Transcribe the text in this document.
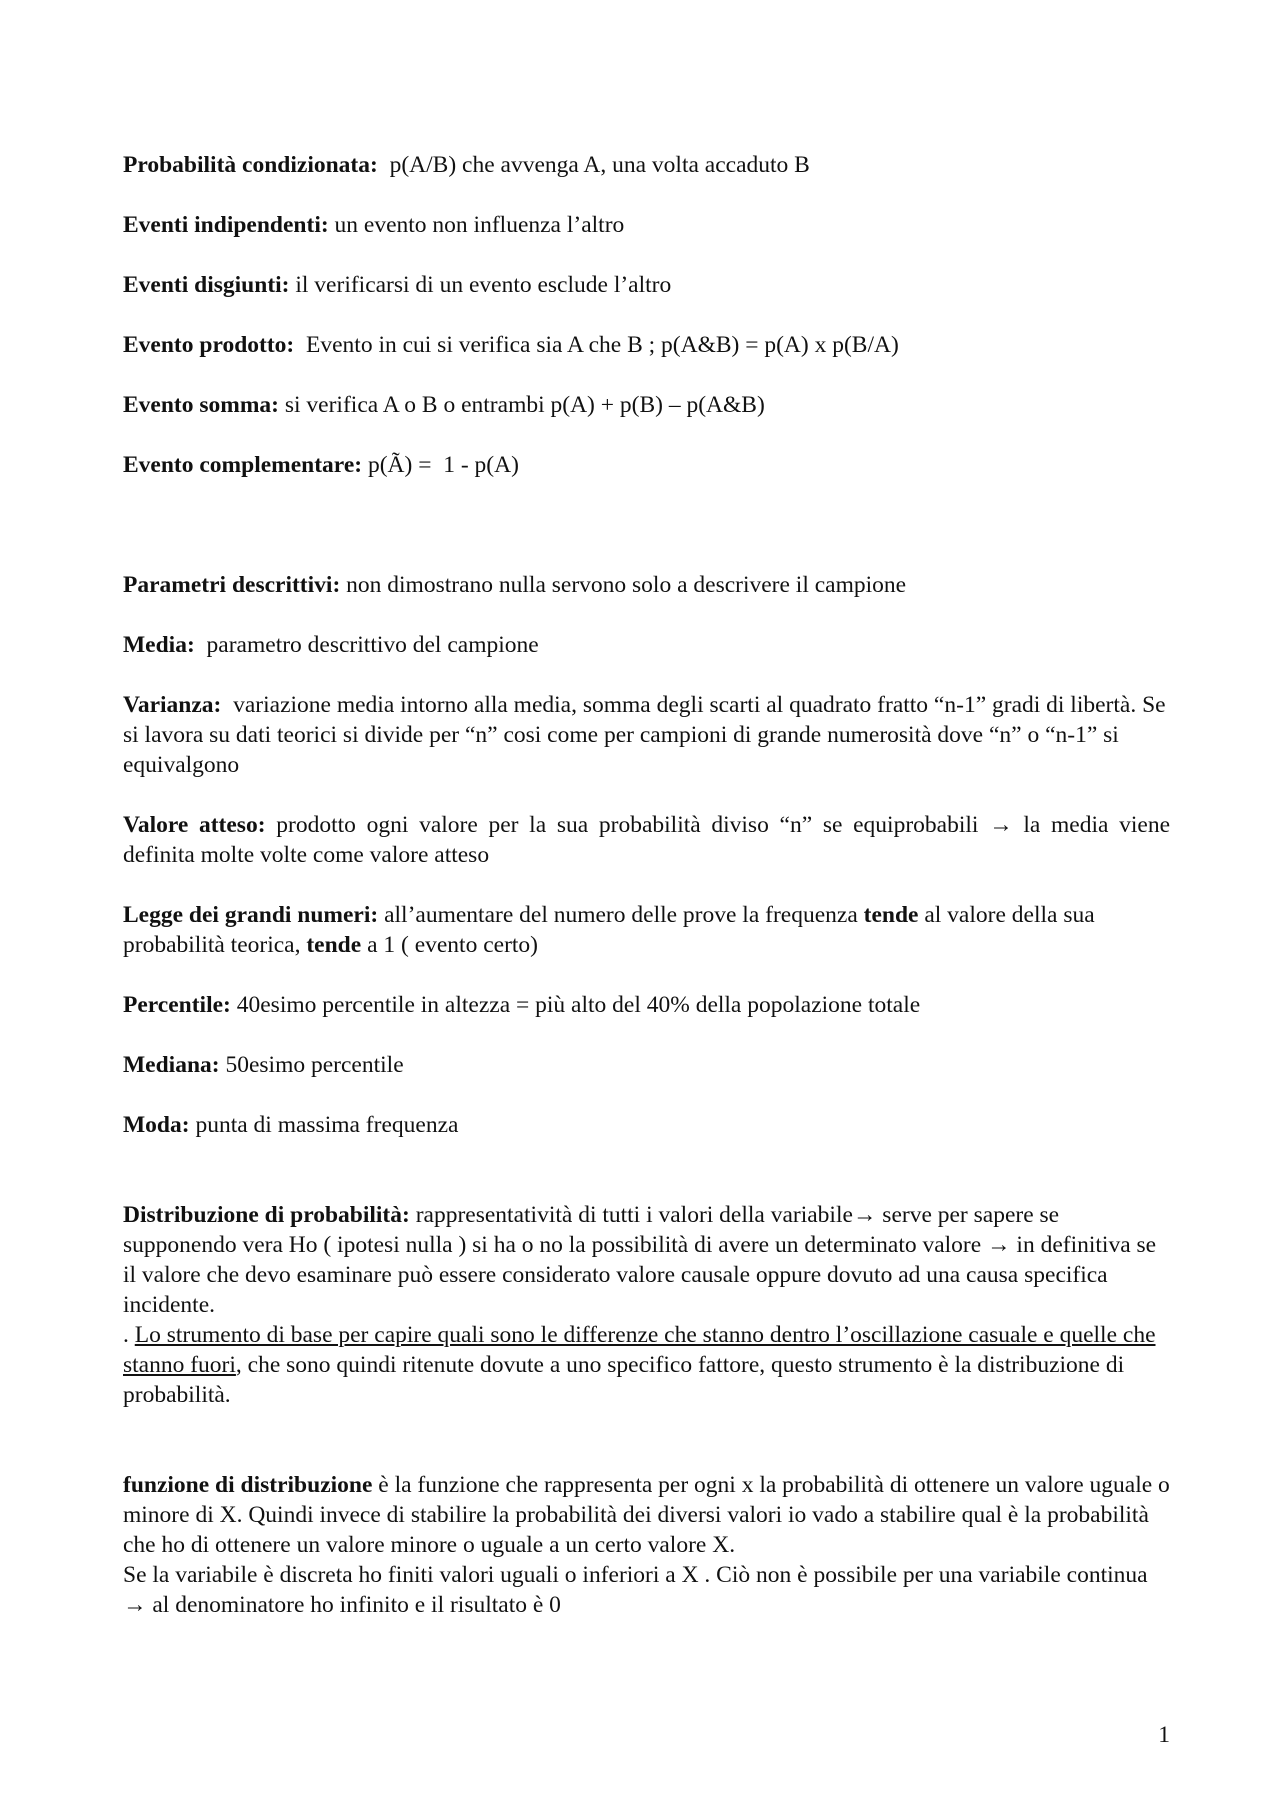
Probabilità condizionata:  p(A/B) che avvenga A, una volta accaduto B

Eventi indipendenti: un evento non influenza l’altro

Eventi disgiunti: il verificarsi di un evento esclude l’altro

Evento prodotto:  Evento in cui si verifica sia A che B ; p(A&B) = p(A) x p(B/A)

Evento somma: si verifica A o B o entrambi p(A) + p(B) – p(A&B)

Evento complementare: p(Ã) =  1 - p(A)

Parametri descrittivi: non dimostrano nulla servono solo a descrivere il campione

Media:  parametro descrittivo del campione

Varianza:  variazione media intorno alla media, somma degli scarti al quadrato fratto “n-1” gradi di libertà. Se si lavora su dati teorici si divide per “n” cosi come per campioni di grande numerosità dove “n” o “n-1” si equivalgono

Valore atteso: prodotto ogni valore per la sua probabilità diviso “n” se equiprobabili → la media viene definita molte volte come valore atteso

Legge dei grandi numeri: all’aumentare del numero delle prove la frequenza tende al valore della sua probabilità teorica, tende a 1 ( evento certo)

Percentile: 40esimo percentile in altezza = più alto del 40% della popolazione totale

Mediana: 50esimo percentile

Moda: punta di massima frequenza

Distribuzione di probabilità: rappresentatività di tutti i valori della variabile→ serve per sapere se supponendo vera Ho ( ipotesi nulla ) si ha o no la possibilità di avere un determinato valore → in definitiva se il valore che devo esaminare può essere considerato valore causale oppure dovuto ad una causa specifica incidente.
. Lo strumento di base per capire quali sono le differenze che stanno dentro l’oscillazione casuale e quelle che stanno fuori, che sono quindi ritenute dovute a uno specifico fattore, questo strumento è la distribuzione di probabilità.

funzione di distribuzione è la funzione che rappresenta per ogni x la probabilità di ottenere un valore uguale o minore di X. Quindi invece di stabilire la probabilità dei diversi valori io vado a stabilire qual è la probabilità che ho di ottenere un valore minore o uguale a un certo valore X.
Se la variabile è discreta ho finiti valori uguali o inferiori a X . Ciò non è possibile per una variabile continua → al denominatore ho infinito e il risultato è 0

1
